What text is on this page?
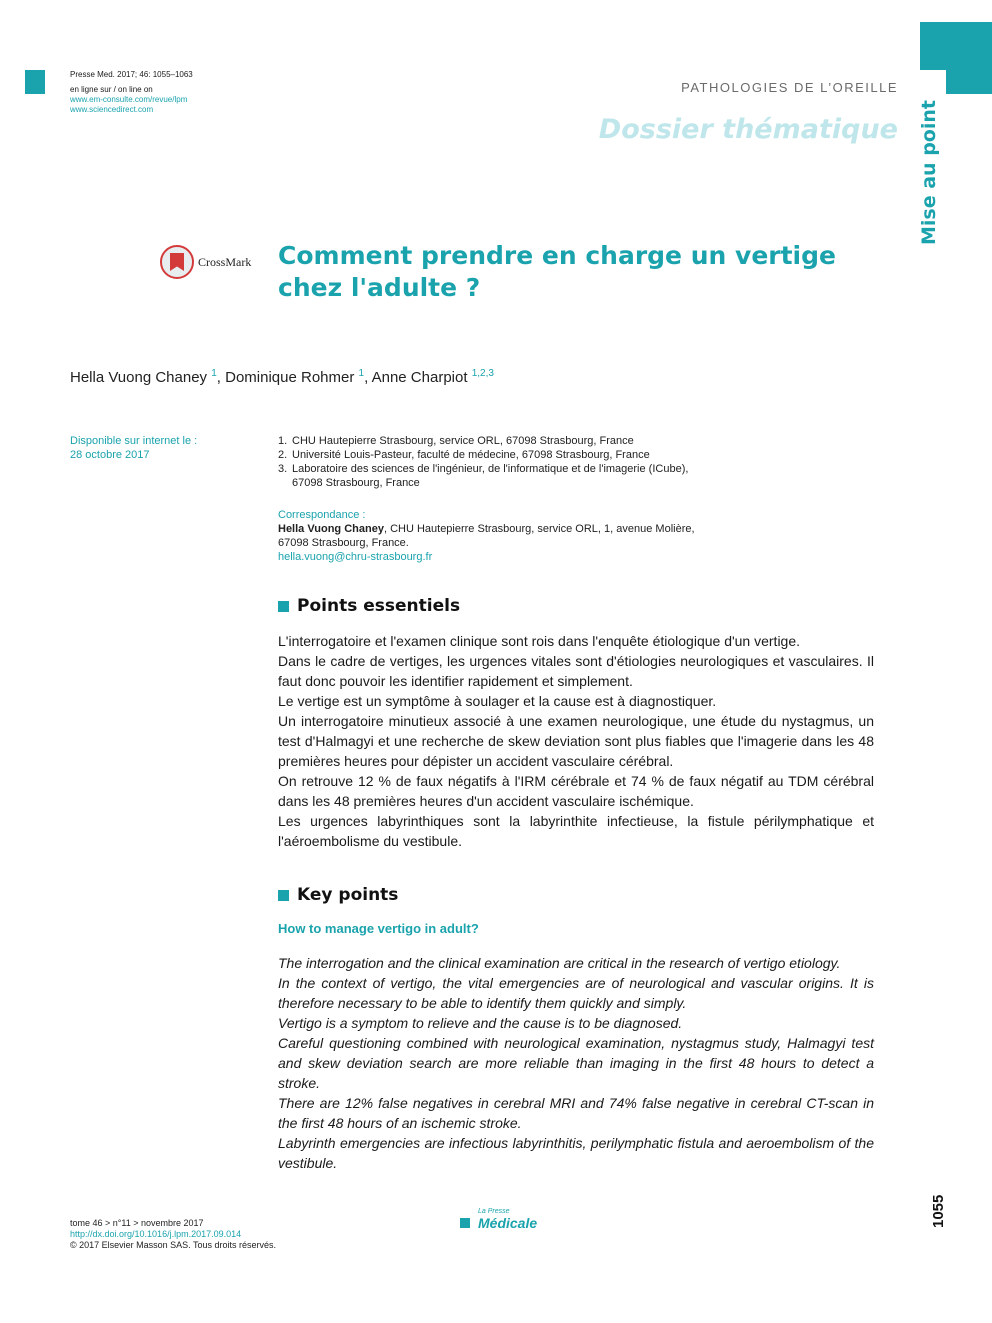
Presse Med. 2017; 46: 1055–1063
en ligne sur / on line on
www.em-consulte.com/revue/lpm
www.sciencedirect.com
PATHOLOGIES DE L’OREILLE
Dossier thématique Mise au point
CrossMark Comment prendre en charge un vertige chez l'adulte ?
Hella Vuong Chaney $^1$, Dominique Rohmer $^1$, Anne Charpiot $^{1,2,3}$
Disponible sur internet le :
28 octobre 2017
1. CHU Hautepierre Strasbourg, service ORL, 67098 Strasbourg, France
2. Université Louis-Pasteur, faculté de médecine, 67098 Strasbourg, France
3. Laboratoire des sciences de l'ingénieur, de l'informatique et de l'imagerie (ICube), 67098 Strasbourg, France
Correspondance :
Hella Vuong Chaney, CHU Hautepierre Strasbourg, service ORL, 1, avenue Molière, 67098 Strasbourg, France.
hella.vuong@chru-strasbourg.fr
Points essentiels

L'interrogatoire et l'examen clinique sont rois dans l'enquête étiologique d'un vertige.

Dans le cadre de vertiges, les urgences vitales sont d'étiologies neurologiques et vasculaires. Il faut donc pouvoir les identifier rapidement et simplement.

Le vertige est un symptôme à soulager et la cause est à diagnostiquer.

Un interrogatoire minutieux associé à une examen neurologique, une étude du nystagmus, un test d'Halmagyi et une recherche de skew deviation sont plus fiables que l'imagerie dans les 48 premières heures pour dépister un accident vasculaire cérébral.

On retrouve 12 % de faux négatifs à l'IRM cérébrale et 74 % de faux négatif au TDM cérébral dans les 48 premières heures d'un accident vasculaire ischémique.

Les urgences labyrinthiques sont la labyrinthite infectieuse, la fistule périlymphatique et l'aéroembolisme du vestibule.

Key points
How to manage vertigo in adult?

The interrogation and the clinical examination are critical in the research of vertigo etiology.

In the context of vertigo, the vital emergencies are of neurological and vascular origins. It is therefore necessary to be able to identify them quickly and simply.

Vertigo is a symptom to relieve and the cause is to be diagnosed.

Careful questioning combined with neurological examination, nystagmus study, Halmagyi test and skew deviation search are more reliable than imaging in the first 48 hours to detect a stroke.

There are 12% false negatives in cerebral MRI and 74% false negative in cerebral CT-scan in the first 48 hours of an ischemic stroke.

Labyrinth emergencies are infectious labyrinthitis, perilymphatic fistula and aeroembolism of the vestibule.

tome 46 > n°11 > novembre 2017
http://dx.doi.org/10.1016/j.lpm.2017.09.014
© 2017 Elsevier Masson SAS. Tous droits réservés.
La Presse
Médicale	1055
